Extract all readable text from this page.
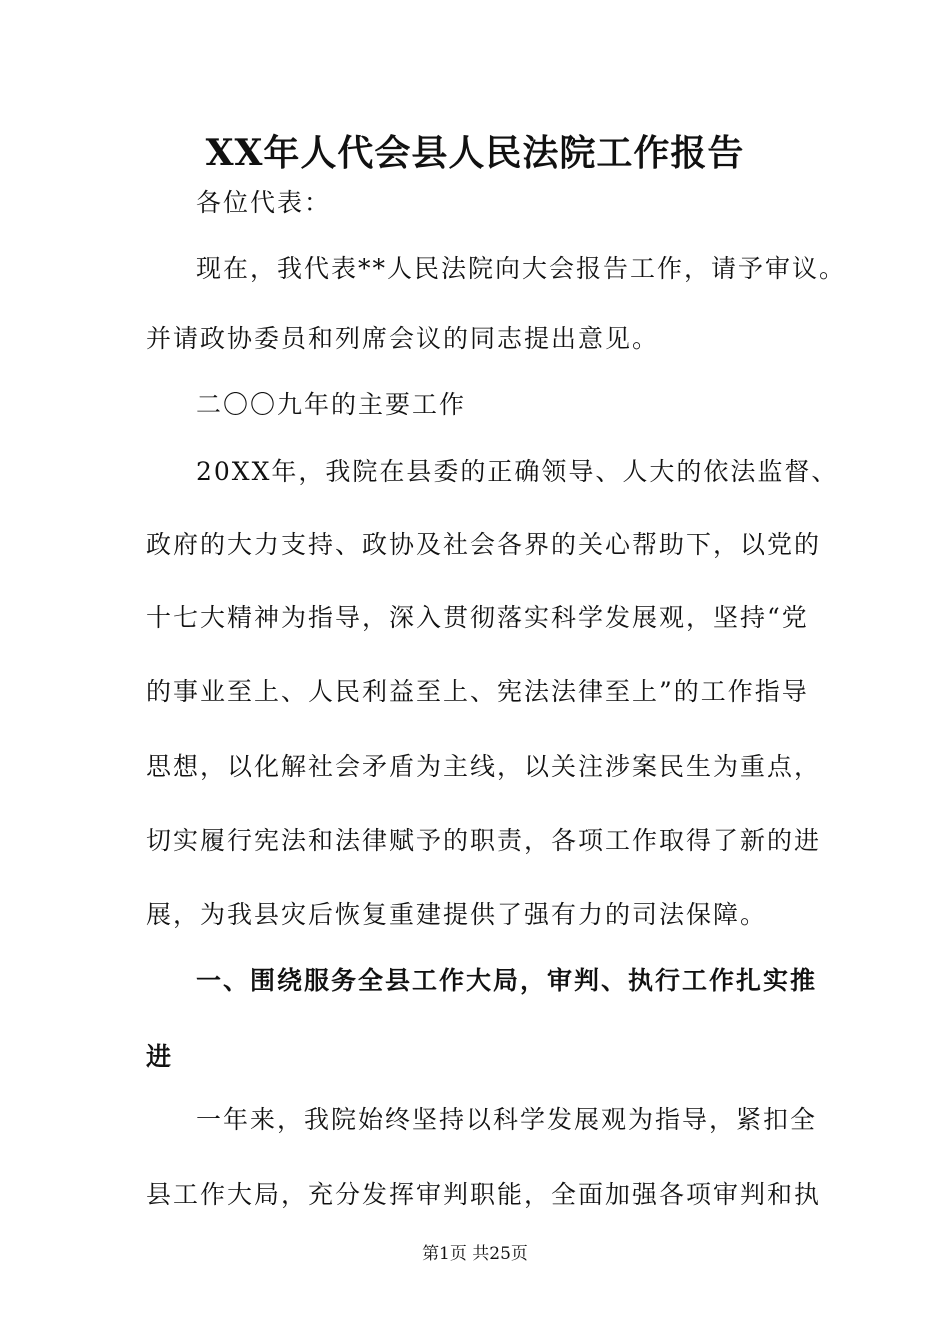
XX年人代会县人民法院工作报告
各位代表：
现在，我代表**人民法院向大会报告工作，请予审议。
并请政协委员和列席会议的同志提出意见。
二〇〇九年的主要工作
20XX年，我院在县委的正确领导、人大的依法监督、
政府的大力支持、政协及社会各界的关心帮助下，以党的
十七大精神为指导，深入贯彻落实科学发展观，坚持“党
的事业至上、人民利益至上、宪法法律至上”的工作指导
思想，以化解社会矛盾为主线，以关注涉案民生为重点，
切实履行宪法和法律赋予的职责，各项工作取得了新的进
展，为我县灾后恢复重建提供了强有力的司法保障。
一、围绕服务全县工作大局，审判、执行工作扎实推
进
一年来，我院始终坚持以科学发展观为指导，紧扣全
县工作大局，充分发挥审判职能，全面加强各项审判和执
第1页 共25页
